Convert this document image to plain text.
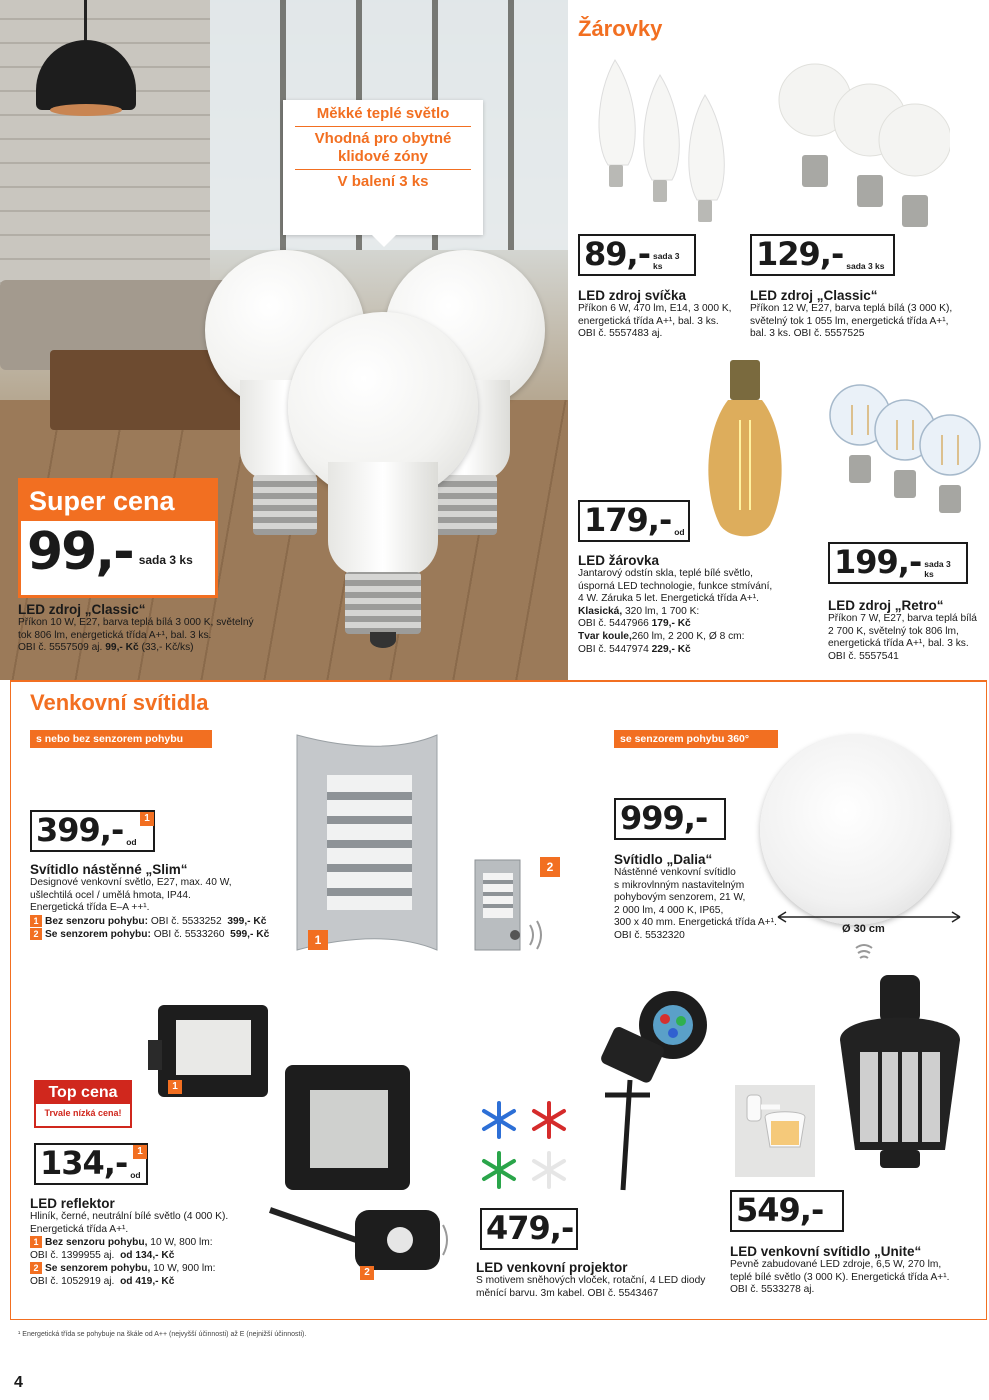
Měkké teplé světlo
Vhodná pro obytné klidové zóny
V balení 3 ks
Super cena
99,- sada 3 ks
LED zdroj „Classic“
Příkon 10 W, E27, barva teplá bílá 3 000 K, světelný
tok 806 lm, energetická třída A+¹, bal. 3 ks.
OBI č. 5557509 aj. 99,- Kč (33,- Kč/ks)
Žárovky
89,- sada 3 ks
LED zdroj svíčka
Příkon 6 W, 470 lm, E14, 3 000 K,
energetická třída A+¹, bal. 3 ks.
OBI č. 5557483 aj.
129,- sada 3 ks
LED zdroj „Classic“
Příkon 12 W, E27, barva teplá bílá (3 000 K),
světelný tok 1 055 lm, energetická třída A+¹,
bal. 3 ks. OBI č. 5557525
179,- od
LED žárovka
Jantarový odstín skla, teplé bílé světlo,
úsporná LED technologie, funkce stmívání,
4 W. Záruka 5 let. Energetická třída A+¹.
Klasická, 320 lm, 1 700 K:
OBI č. 5447966 179,- Kč
Tvar koule,260 lm, 2 200 K, Ø 8 cm:
OBI č. 5447974 229,- Kč
199,- sada 3 ks
LED zdroj „Retro“
Příkon 7 W, E27, barva teplá bílá
2 700 K, světelný tok 806 lm,
energetická třída A+¹, bal. 3 ks.
OBI č. 5557541
Venkovní svítidla
s nebo bez senzorem pohybu	se senzorem pohybu 360°
1
2
399,- od
1
Svítidlo nástěnné „Slim“
Designové venkovní světlo, E27, max. 40 W,
ušlechtilá ocel / umělá hmota, IP44.
Energetická třída E–A ++¹.
1 Bez senzoru pohybu: OBI č. 5533252 399,- Kč
2 Se senzorem pohybu: OBI č. 5533260 599,- Kč	Ø 30 cm
999,-
Svítidlo „Dalia“
Nástěnné venkovní svítidlo
s mikrovlnným nastavitelným
pohybovým senzorem, 21 W,
2 000 lm, 4 000 K, IP65,
300 x 40 mm. Energetická třída A+¹.
OBI č. 5532320
1
2
Top cena
Trvale nízká cena!
134,- od
1
LED reflektor
Hliník, černé, neutrální bílé světlo (4 000 K).
Energetická třída A+¹.
1 Bez senzoru pohybu, 10 W, 800 lm:
OBI č. 1399955 aj. od 134,- Kč
2 Se senzorem pohybu, 10 W, 900 lm:
OBI č. 1052919 aj. od 419,- Kč
479,-
LED venkovní projektor
S motivem sněhových vloček, rotační, 4 LED diody
měnící barvu. 3m kabel. OBI č. 5543467
549,-
LED venkovní svítidlo „Unite“
Pevně zabudované LED zdroje, 6,5 W, 270 lm,
teplé bílé světlo (3 000 K). Energetická třída A+¹.
OBI č. 5533278 aj.
¹ Energetická třída se pohybuje na škále od A++ (nejvyšší účinnosti) až E (nejnižší účinnosti).
4
